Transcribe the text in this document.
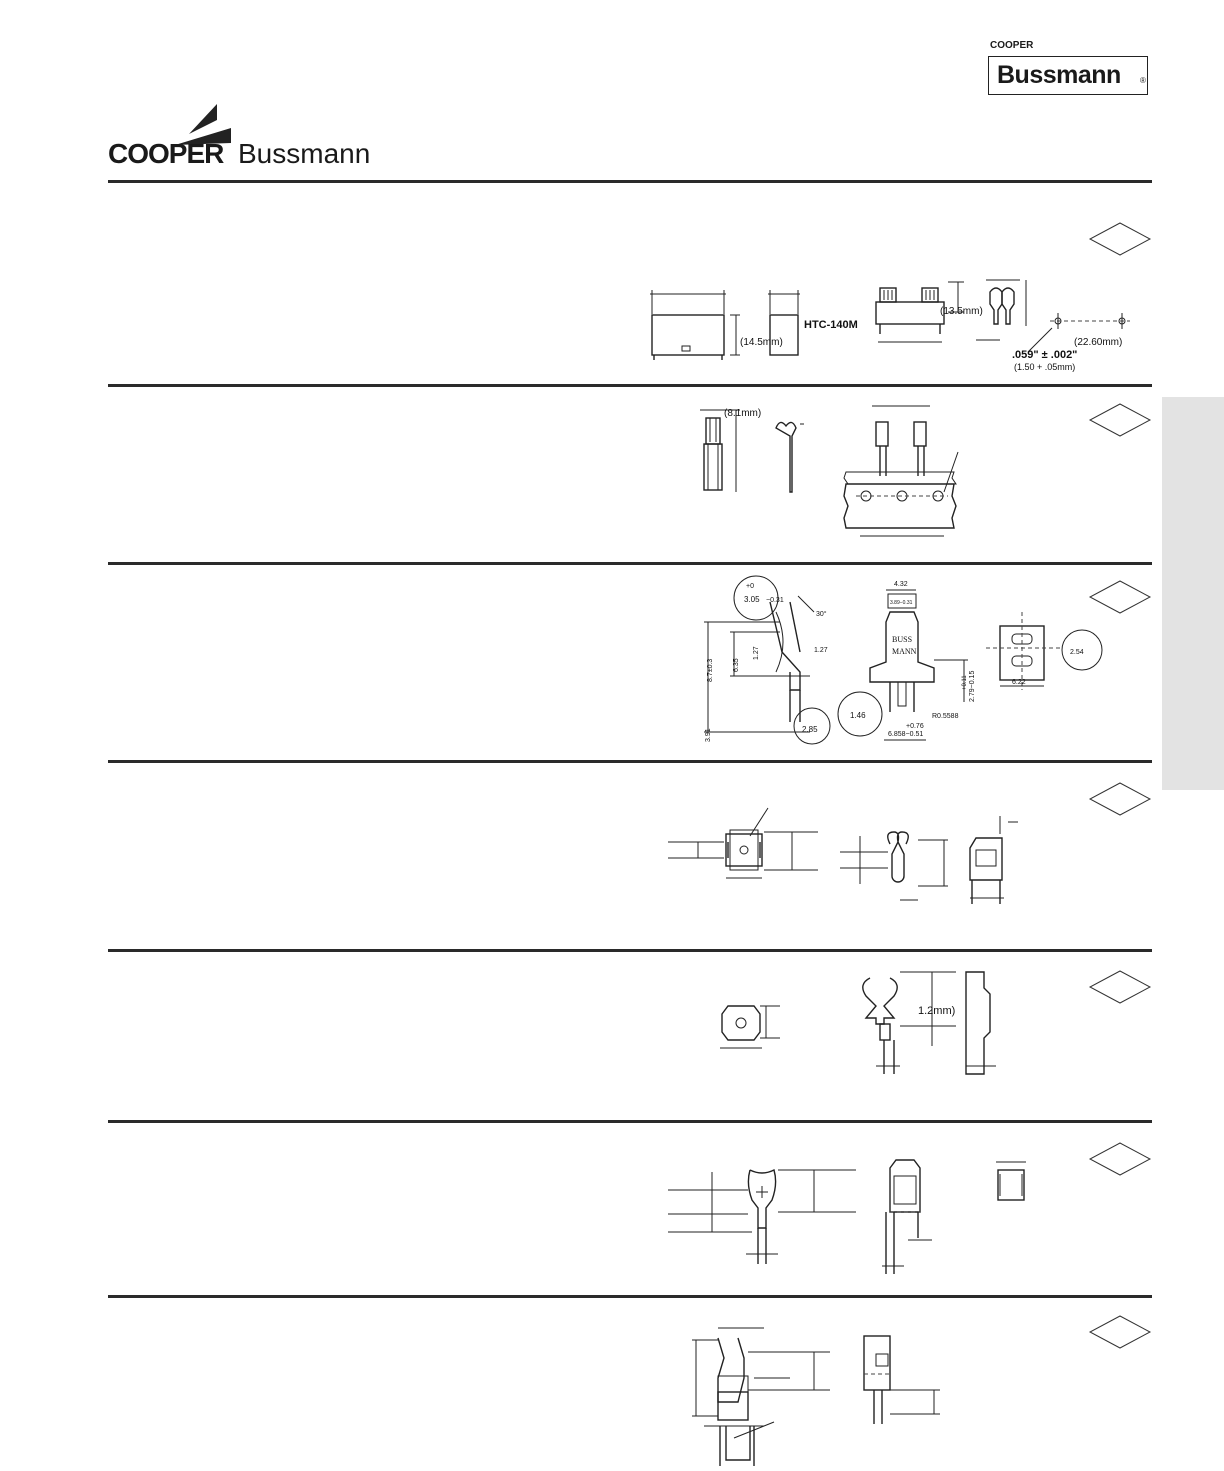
COOPER
Bussmann ®
COOPER Bussmann
(14.5mm)
HTC-140M
(13.5mm)
(22.60mm)
.059" ± .002"
(1.50 + .05mm)
(8.1mm)
+0
3.05 −0.31
8.7±0.3	6.35
1.27	1.27
30°
2.85
3.91
4.32
3.89−0.31
BUSS
MANN
2.79−0.15
+0.11
1.46	R0.5588
+0.76
6.858−0.51
2.54
6.22
1.2mm)
